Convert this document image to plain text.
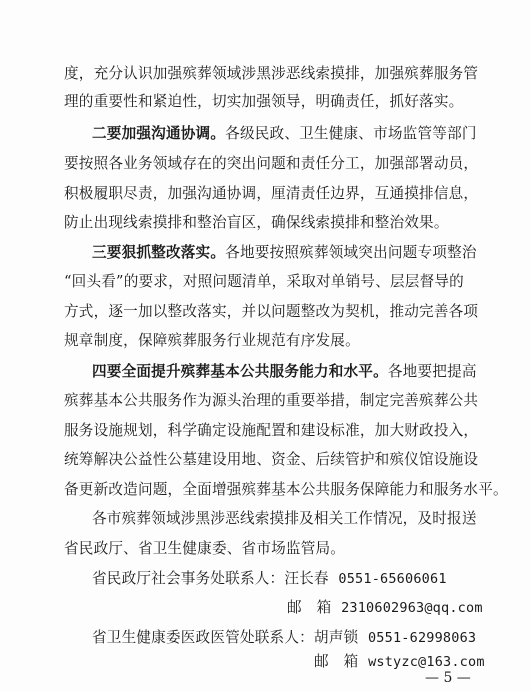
度，充分认识加强殡葬领域涉黑涉恶线索摸排，加强殡葬服务管
理的重要性和紧迫性，切实加强领导，明确责任，抓好落实。
二要加强沟通协调。各级民政、卫生健康、市场监管等部门
要按照各业务领域存在的突出问题和责任分工，加强部署动员，
积极履职尽责，加强沟通协调，厘清责任边界，互通摸排信息，
防止出现线索摸排和整治盲区，确保线索摸排和整治效果。
三要狠抓整改落实。各地要按照殡葬领域突出问题专项整治
“回头看”的要求，对照问题清单，采取对单销号、层层督导的
方式，逐一加以整改落实，并以问题整改为契机，推动完善各项
规章制度，保障殡葬服务行业规范有序发展。
四要全面提升殡葬基本公共服务能力和水平。各地要把提高
殡葬基本公共服务作为源头治理的重要举措，制定完善殡葬公共
服务设施规划，科学确定设施配置和建设标准，加大财政投入，
统筹解决公益性公墓建设用地、资金、后续管护和殡仪馆设施设
备更新改造问题，全面增强殡葬基本公共服务保障能力和服务水平。
各市殡葬领域涉黑涉恶线索摸排及相关工作情况，及时报送
省民政厅、省卫生健康委、省市场监管局。
省民政厅社会事务处联系人：汪长春 0551-65606061
邮　箱 2310602963@qq.com
省卫生健康委医政医管处联系人：胡声锁 0551-62998063
邮　箱 wstyzc@163.com
— 5 —
